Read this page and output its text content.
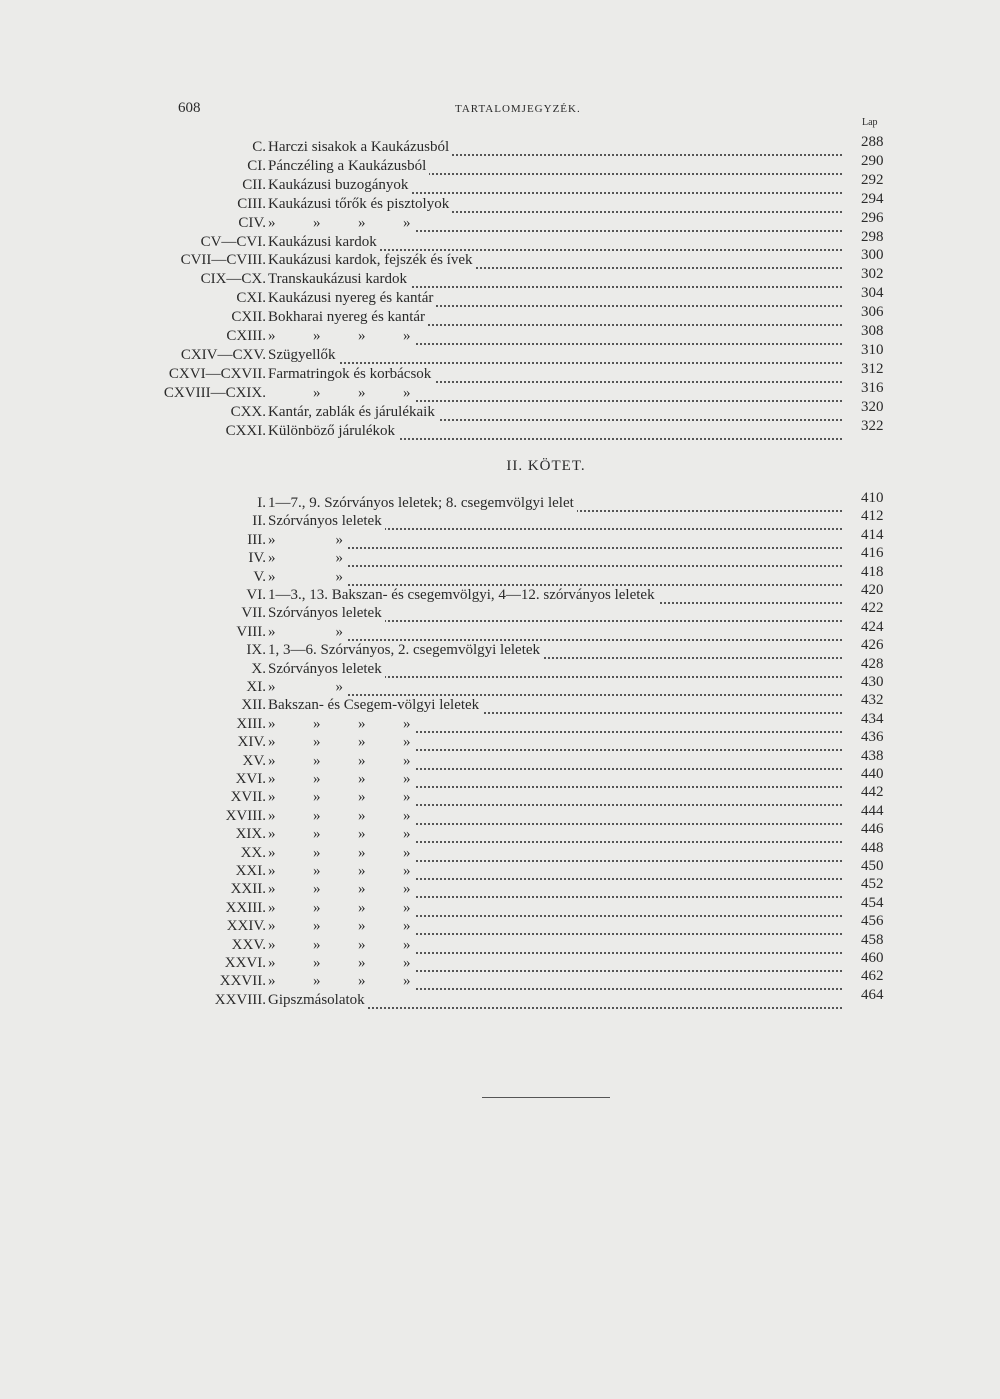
608	TARTALOMJEGYZÉK.
Lap
C. Harczi sisakok a Kaukázusból	288
CI. Pánczéling a Kaukázusból	290
CII. Kaukázusi buzogányok	292
CIII. Kaukázusi tőrők és pisztolyok	294
CIV. »          »          »          »	296
CV—CVI. Kaukázusi kardok	298
CVII—CVIII. Kaukázusi kardok, fejszék és ívek	300
CIX—CX. Transkaukázusi kardok	302
CXI. Kaukázusi nyereg és kantár	304
CXII. Bokharai nyereg és kantár	306
CXIII. »          »          »          »	308
CXIV—CXV. Szügyellők	310
CXVI—CXVII. Farmatringok és korbácsok	312
CXVIII—CXIX. »          »          »	316
CXX. Kantár, zablák és járulékaik	320
CXXI. Különböző járulékok	322
II. KÖTET.
I. 1—7., 9. Szórványos leletek; 8. csegemvölgyi lelet	410
II. Szórványos leletek	412
III. »                »	414
IV. »                »	416
V. »                »	418
VI. 1—3., 13. Bakszan- és csegemvölgyi, 4—12. szórványos leletek	420
VII. Szórványos leletek	422
VIII. »                »	424
IX. 1, 3—6. Szórványos, 2. csegemvölgyi leletek	426
X. Szórványos leletek	428
XI. »                »	430
XII. Bakszan- és Csegem-völgyi leletek	432
XIII. »          »          »          »	434
XIV. »          »          »          »	436
XV. »          »          »          »	438
XVI. »          »          »          »	440
XVII. »          »          »          »	442
XVIII. »          »          »          »	444
XIX. »          »          »          »	446
XX. »          »          »          »	448
XXI. »          »          »          »	450
XXII. »          »          »          »	452
XXIII. »          »          »          »	454
XXIV. »          »          »          »	456
XXV. »          »          »          »	458
XXVI. »          »          »          »	460
XXVII. »          »          »          »	462
XXVIII. Gipszmásolatok	464
